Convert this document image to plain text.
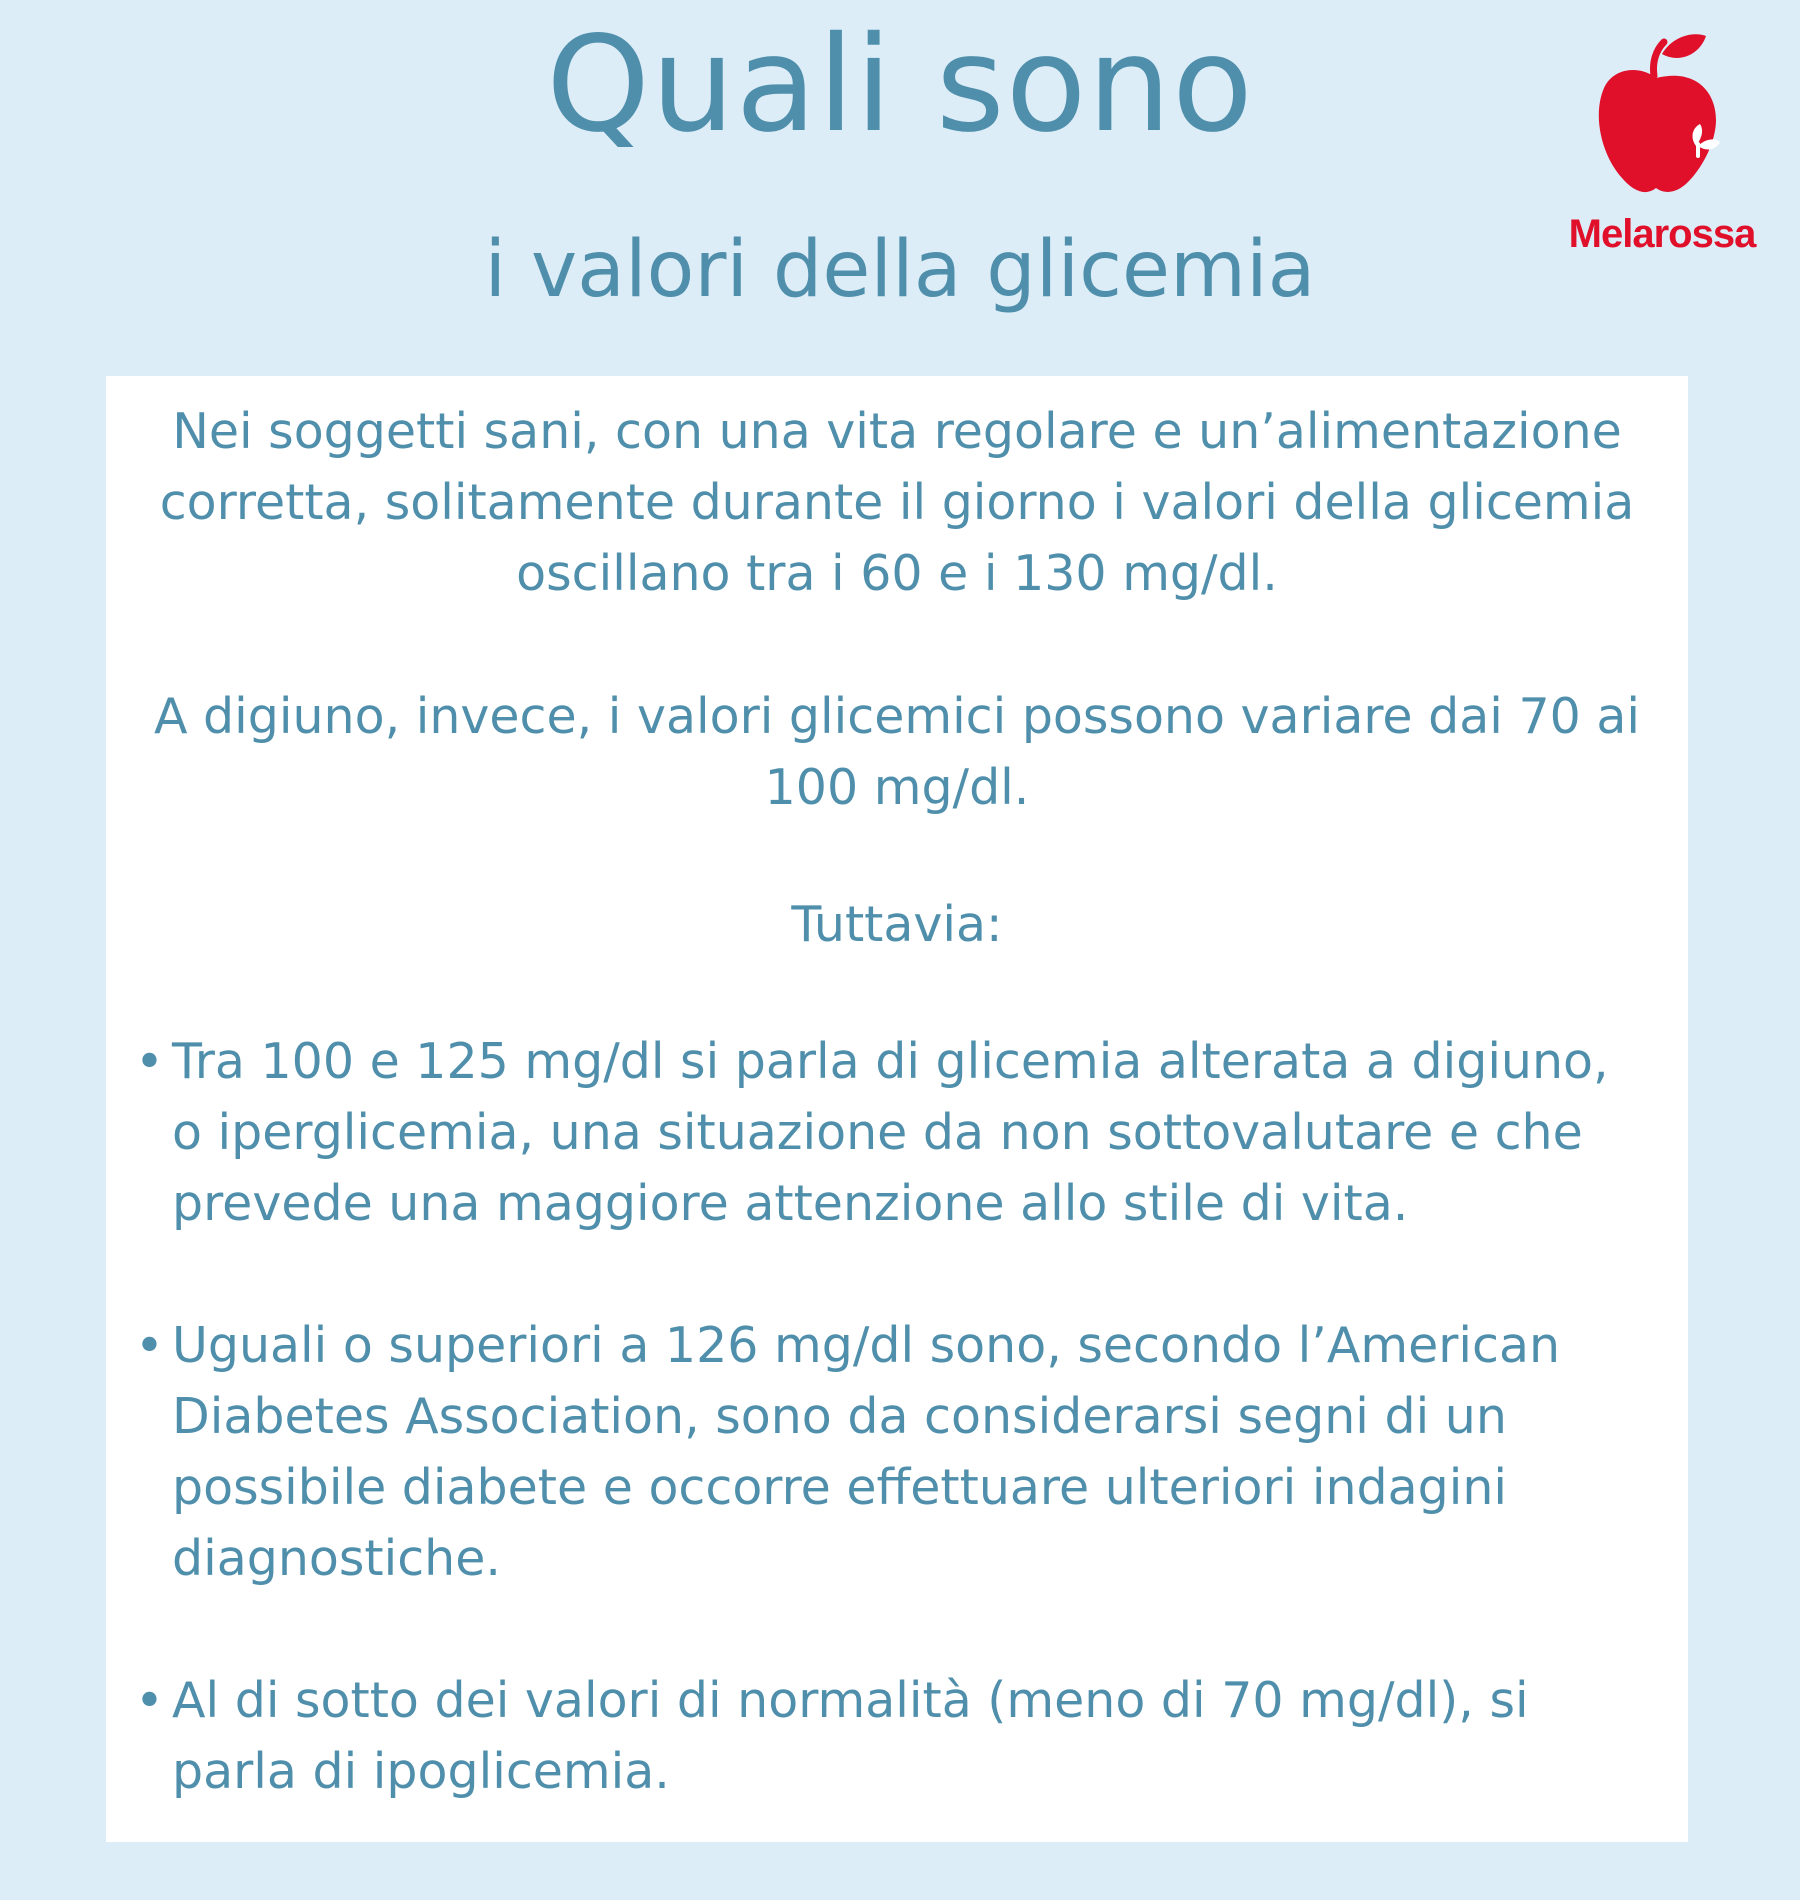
Quali sono
i valori della glicemia	Melarossa
Nei soggetti sani, con una vita regolare e un’alimentazione corretta, solitamente durante il giorno i valori della glicemia oscillano tra i 60 e i 130 mg/dl.
A digiuno, invece, i valori glicemici possono variare dai 70 ai 100 mg/dl.
Tuttavia:
• Tra 100 e 125 mg/dl si parla di glicemia alterata a digiuno, o iperglicemia, una situazione da non sottovalutare e che prevede una maggiore attenzione allo stile di vita.
• Uguali o superiori a 126 mg/dl sono, secondo l’American Diabetes Association, sono da considerarsi segni di un possibile diabete e occorre effettuare ulteriori indagini diagnostiche.
• Al di sotto dei valori di normalità (meno di 70 mg/dl), si parla di ipoglicemia.
